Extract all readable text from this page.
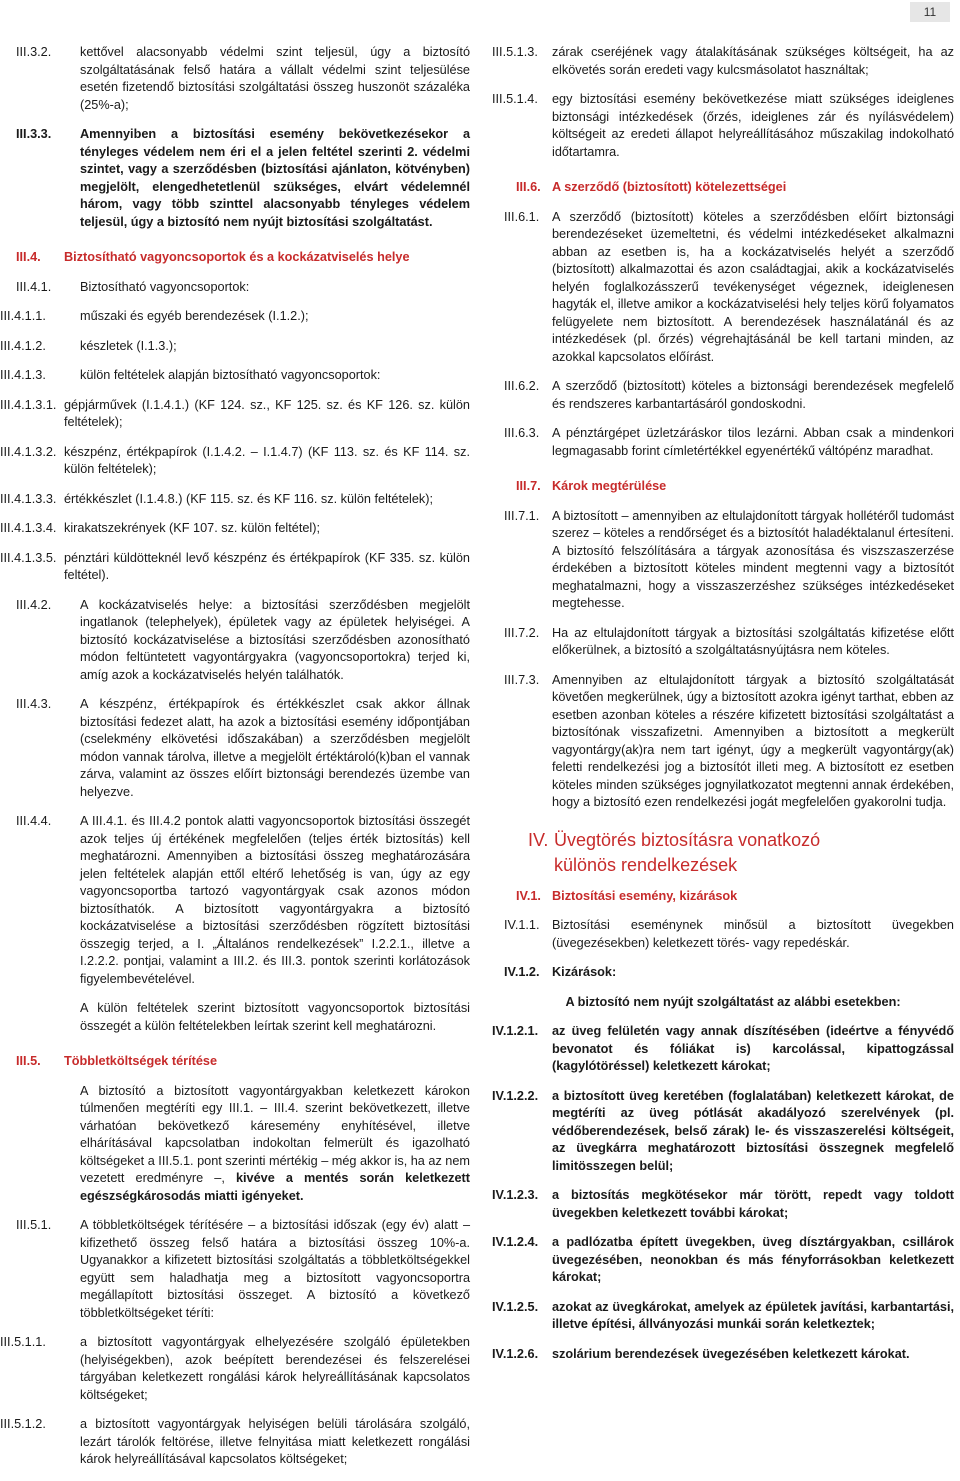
11
III.3.2.	kettővel alacsonyabb védelmi szint teljesül, úgy a biztosító szolgáltatásának felső határa a vállalt védelmi szint teljesülése esetén fizetendő biztosítási szolgáltatási összeg huszonöt százaléka (25%-a);
III.3.3.	Amennyiben a biztosítási esemény bekövetkezésekor a tényleges védelem nem éri el a jelen feltétel szerinti 2. védelmi szintet, vagy a szerződésben (biztosítási ajánlaton, kötvényben) megjelölt, elengedhetetlenül szükséges, elvárt védelemnél három, vagy több szinttel alacsonyabb tényleges védelem teljesül, úgy a biztosító nem nyújt biztosítási szolgáltatást.
III.4. Biztosítható vagyoncsoportok és a kockázatviselés helye
III.4.1.	Biztosítható vagyoncsoportok:
III.4.1.1.	műszaki és egyéb berendezések (I.1.2.);
III.4.1.2.	készletek (I.1.3.);
III.4.1.3.	külön feltételek alapján biztosítható vagyoncsoportok:
III.4.1.3.1. gépjárművek (I.1.4.1.) (KF 124. sz., KF 125. sz. és KF 126. sz. külön feltételek);
III.4.1.3.2. készpénz, értékpapírok (I.1.4.2. – I.1.4.7) (KF 113. sz. és KF 114. sz. külön feltételek);
III.4.1.3.3. értékkészlet (I.1.4.8.) (KF 115. sz. és KF 116. sz. külön feltételek);
III.4.1.3.4. kirakatszekrények (KF 107. sz. külön feltétel);
III.4.1.3.5. pénztári küldötteknél levő készpénz és értékpapírok (KF 335. sz. külön feltétel).
III.4.2.	A kockázatviselés helye: a biztosítási szerződésben megjelölt ingatlanok (telephelyek), épületek vagy az épületek helyiségei. A biztosító kockázatviselése a biztosítási szerződésben azonosítható módon feltüntetett vagyontárgyakra (vagyoncsoportokra) terjed ki, amíg azok a kockázatviselés helyén találhatók.
III.4.3.	A készpénz, értékpapírok és értékkészlet csak akkor állnak biztosítási fedezet alatt, ha azok a biztosítási esemény időpontjában (cselekmény elkövetési időszakában) a szerződésben megjelölt módon vannak tárolva, illetve a megjelölt értéktároló(k)ban el vannak zárva, valamint az összes előírt biztonsági berendezés üzembe van helyezve.
III.4.4.	A III.4.1. és III.4.2 pontok alatti vagyoncsoportok biztosítási összegét azok teljes új értékének megfelelően (teljes érték biztosítás) kell meghatározni. Amennyiben a biztosítási összeg meghatározására jelen feltételek alapján ettől eltérő lehetőség is van, úgy az egy vagyoncsoportba tartozó vagyontárgyak csak azonos módon biztosíthatók. A biztosított vagyontárgyakra a biztosító kockázatviselése a biztosítási szerződésben rögzített biztosítási összegig terjed, a I. „Általános rendelkezések” I.2.2.1., illetve a I.2.2.2. pontjai, valamint a III.2. és III.3. pontok szerinti korlátozások figyelembevételével.
A külön feltételek szerint biztosított vagyoncsoportok biztosítási összegét a külön feltételekben leírtak szerint kell meghatározni.
III.5. Többletköltségek térítése
A biztosító a biztosított vagyontárgyakban keletkezett károkon túlmenően megtéríti egy III.1. – III.4. szerint bekövetkezett, illetve várhatóan bekövetkező káresemény enyhítésével, illetve elhárításával kapcsolatban indokoltan felmerült és igazolható költségeket a III.5.1. pont szerinti mértékig – még akkor is, ha az nem vezetett eredményre –, kivéve a mentés során keletkezett egészségkárosodás miatti igényeket.
III.5.1.	A többletköltségek térítésére – a biztosítási időszak (egy év) alatt – kifizethető összeg felső határa a biztosítási összeg 10%-a. Ugyanakkor a kifizetett biztosítási szolgáltatás a többletköltségekkel együtt sem haladhatja meg a biztosított vagyoncsoportra megállapított biztosítási összeget. A biztosító a következő többletköltségeket téríti:
III.5.1.1.	a biztosított vagyontárgyak elhelyezésére szolgáló épületekben (helyiségekben), azok beépített berendezései és felszerelései tárgyában keletkezett rongálási károk helyreállításának kapcsolatos költségeket;
III.5.1.2.	a biztosított vagyontárgyak helyiségen belüli tárolására szolgáló, lezárt tárolók feltörése, illetve felnyitása miatt keletkezett rongálási károk helyreállításával kapcsolatos költségeket;
III.5.1.3.	zárak cseréjének vagy átalakításának szükséges költségeit, ha az elkövetés során eredeti vagy kulcsmásolatot használtak;
III.5.1.4.	egy biztosítási esemény bekövetkezése miatt szükséges ideiglenes biztonsági intézkedések (őrzés, ideiglenes zár és nyílásvédelem) költségeit az eredeti állapot helyreállításához műszakilag indokolható időtartamra.
III.6. A szerződő (biztosított) kötelezettségei
III.6.1.	A szerződő (biztosított) köteles a szerződésben előírt biztonsági berendezéseket üzemeltetni, és védelmi intézkedéseket alkalmazni abban az esetben is, ha a kockázatviselés helyét a szerződő (biztosított) alkalmazottai és azon családtagjai, akik a kockázatviselés helyén foglalkozásszerű tevékenységet végeznek, ideiglenesen hagyták el, illetve amikor a kockázatviselési hely teljes körű folyamatos felügyelete nem biztosított. A berendezések használatánál és az intézkedések (pl. őrzés) végrehajtásánál be kell tartani minden, az azokkal kapcsolatos előírást.
III.6.2.	A szerződő (biztosított) köteles a biztonsági berendezések megfelelő és rendszeres karbantartásáról gondoskodni.
III.6.3.	A pénztárgépet üzletzáráskor tilos lezárni. Abban csak a mindenkori legmagasabb forint címletértékkel egyenértékű váltópénz maradhat.
III.7. Károk megtérülése
III.7.1.	A biztosított – amennyiben az eltulajdonított tárgyak hollétéről tudomást szerez – köteles a rendőrséget és a biztosítót haladéktalanul értesíteni. A biztosító felszólítására a tárgyak azonosítása és viszszaszerzése érdekében a biztosított köteles mindent megtenni vagy a biztosítót meghatalmazni, hogy a visszaszerzéshez szükséges intézkedéseket megtehesse.
III.7.2.	Ha az eltulajdonított tárgyak a biztosítási szolgáltatás kifizetése előtt előkerülnek, a biztosító a szolgáltatásnyújtásra nem köteles.
III.7.3.	Amennyiben az eltulajdonított tárgyak a biztosító szolgáltatását követően megkerülnek, úgy a biztosított azokra igényt tarthat, ebben az esetben azonban köteles a részére kifizetett biztosítási szolgáltatást a biztosítónak visszafizetni. Amennyiben a biztosított a megkerült vagyontárgy(ak)ra nem tart igényt, úgy a megkerült vagyontárgy(ak) feletti rendelkezési jog a biztosítót illeti meg. A biztosított ez esetben köteles minden szükséges jognyilatkozatot megtenni annak érdekében, hogy a biztosító ezen rendelkezési jogát megfelelően gyakorolni tudja.
IV. Üvegtörés biztosításra vonatkozó különös rendelkezések
IV.1. Biztosítási esemény, kizárások
IV.1.1. Biztosítási eseménynek minősül a biztosított üvegekben (üvegezésekben) keletkezett törés- vagy repedéskár.
IV.1.2. Kizárások:
A biztosító nem nyújt szolgáltatást az alábbi esetekben:
IV.1.2.1.	az üveg felületén vagy annak díszítésében (ideértve a fényvédő bevonatot és fóliákat is) karcolással, kipattogzással (kagylótöréssel) keletkezett károkat;
IV.1.2.2.	a biztosított üveg keretében (foglalatában) keletkezett károkat, de megtéríti az üveg pótlását akadályozó szerelvények (pl. védőberendezések, belső zárak) le- és visszaszerelési költségeit, az üvegkárra meghatározott biztosítási összegnek megfelelő limitösszegen belül;
IV.1.2.3.	a biztosítás megkötésekor már törött, repedt vagy toldott üvegekben keletkezett további károkat;
IV.1.2.4.	a padlózatba épített üvegekben, üveg dísztárgyakban, csillárok üvegezésében, neonokban és más fényforrásokban keletkezett károkat;
IV.1.2.5.	azokat az üvegkárokat, amelyek az épületek javítási, karbantartási, illetve építési, állványozási munkái során keletkeztek;
IV.1.2.6.	szolárium berendezések üvegezésében keletkezett károkat.
